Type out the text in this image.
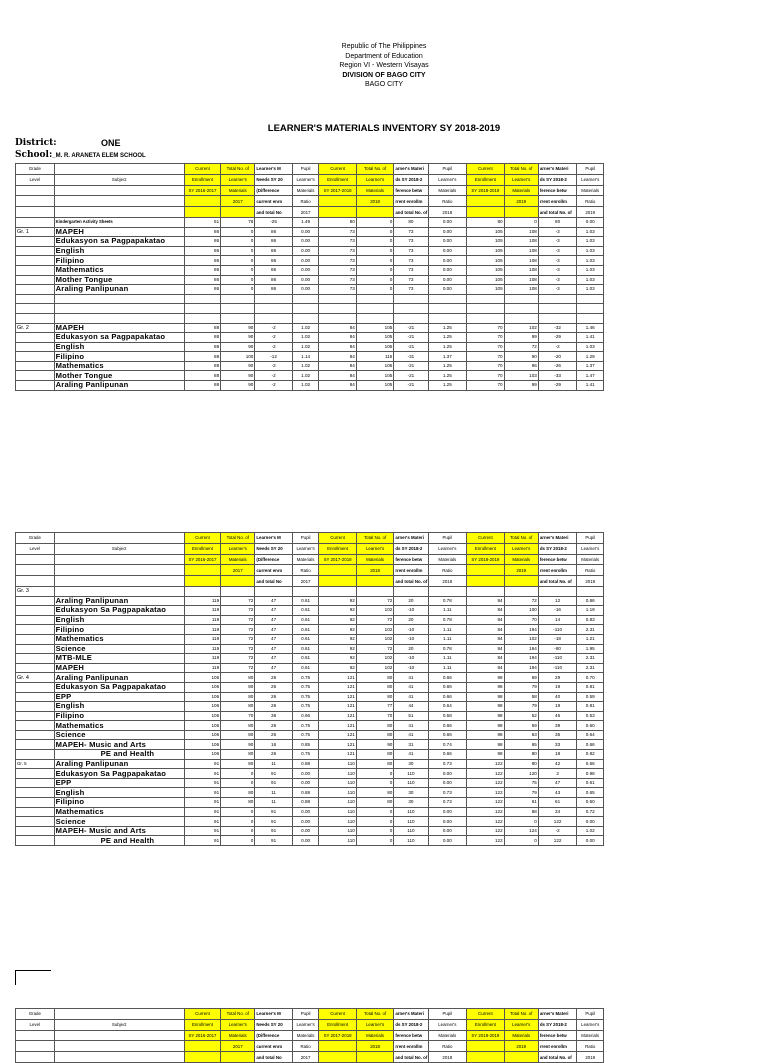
Republic of The Philippines
Department of Education
Region VI - Western Visayas
DIVISION OF BAGO CITY
BAGO CITY
LEARNER'S MATERIALS INVENTORY SY 2018-2019
District:	ONE
School:_M. R. ARANETA ELEM SCHOOL
Grade		Current	Total No. of	Learner's M	Pupil	Current	Total No. of	arner's Materi	Pupil	Current	Total No. of	arner's Materi	Pupil
Level	Subject	Enrollment	Learner's	Needs SY 20	Learner's	Enrollment	Learner's	ds SY 2018-2	Learner's	Enrollment	Learner's	ds SY 2018-2	Learner's
		SY 2016-2017	Materials	(Difference	Materials	SY 2017-2018	Materials	ference betw	Materials	SY 2018-2019	Materials	ference betw	Materials
			2017	current enro	Ratio		2018	rrent enrollm	Ratio		2019	rrent enrollm	Ratio
				and total No	2017			and total No. of	2018			and total No. of	2019
	Kindergarten Activity Sheets	51	76	-25	1.49	80	0	80	0.00	80	0	80	0.00
Gr. 1	MAPEH	86	0	86	0.00	73	0	73	0.00	105	108	-3	1.03
	Edukasyon sa Pagpapakatao	86	0	86	0.00	73	0	73	0.00	105	108	-3	1.03
	English	86	0	86	0.00	73	0	73	0.00	105	108	-3	1.03
	Filipino	86	0	86	0.00	73	0	73	0.00	105	108	-3	1.03
	Mathematics	86	0	86	0.00	73	0	73	0.00	105	108	-3	1.03
	Mother Tongue	86	0	86	0.00	73	0	73	0.00	105	108	-3	1.03
	Araling Panlipunan	86	0	86	0.00	73	0	73	0.00	105	108	-3	1.03

Gr. 2	MAPEH	88	90	-2	1.02	84	105	-21	1.25	70	102	-32	1.46
	Edukasyon sa Pagpapakatao	88	90	-2	1.02	84	105	-21	1.25	70	99	-29	1.41
	English	88	90	-2	1.02	84	105	-21	1.25	70	72	-2	1.03
	Filipino	88	100	-12	1.14	84	115	-31	1.37	70	90	-20	1.29
	Mathematics	88	90	-2	1.02	84	105	-21	1.25	70	96	-26	1.37
	Mother Tongue	88	90	-2	1.02	84	105	-21	1.25	70	103	-33	1.47
	Araling Panlipunan	88	90	-2	1.02	84	105	-21	1.25	70	99	-29	1.41
Grade		Current	Total No. of	Learner's M	Pupil	Current	Total No. of	arner's Materi	Pupil	Current	Total No. of	arner's Materi	Pupil
Level	Subject	Enrollment	Learner's	Needs SY 20	Learner's	Enrollment	Learner's	ds SY 2018-2	Learner's	Enrollment	Learner's	ds SY 2018-2	Learner's
		SY 2016-2017	Materials	(Difference	Materials	SY 2017-2018	Materials	ference betw	Materials	SY 2018-2019	Materials	ference betw	Materials
			2017	current enro	Ratio		2018	rrent enrollm	Ratio		2019	rrent enrollm	Ratio
				and total No	2017			and total No. of	2018			and total No. of	2019
Gr. 3													
	Araling Panlipunan	119	72	47	0.61	92	72	20	0.78	84	72	12	0.86
	Edukasyon Sa Pagpapakatao	119	72	47	0.61	92	102	-10	1.11	84	100	-16	1.19
	English	119	72	47	0.61	92	72	20	0.78	84	70	14	0.83
	Filipino	119	72	47	0.61	92	102	-10	1.11	84	194	-110	2.31
	Mathematics	119	72	47	0.61	92	102	-10	1.11	84	102	-18	1.21
	Science	119	72	47	0.61	92	72	20	0.78	84	164	-80	1.95
	MTB-MLE	119	72	47	0.61	92	102	-10	1.11	84	194	-110	2.31
	MAPEH	119	72	47	0.61	92	102	-10	1.11	84	194	-110	2.31
Gr. 4	Araling Panlipunan	106	80	26	0.75	121	80	41	0.66	98	69	29	0.70
	Edukasyon Sa Pagpapakatao	106	80	26	0.75	121	80	41	0.66	98	79	19	0.81
	EPP	106	80	26	0.75	121	80	41	0.66	98	58	40	0.59
	English	106	80	26	0.75	121	77	44	0.64	98	79	19	0.81
	Filipino	106	70	36	0.66	121	70	51	0.58	98	52	46	0.53
	Mathematics	106	80	26	0.75	121	80	41	0.66	98	59	39	0.60
	Science	106	80	26	0.75	121	80	41	0.66	98	63	35	0.64
	MAPEH- Music and Arts	106	90	16	0.85	121	90	31	0.74	98	65	33	0.66
	PE and Health	106	80	26	0.75	121	80	41	0.66	98	80	18	0.82
Gr. 5	Araling Panlipunan	91	80	11	0.88	110	80	30	0.73	122	80	42	0.66
	Edukasyon Sa Pagpapakatao	91	0	91	0.00	110	0	110	0.00	122	120	2	0.98
	EPP	91	0	91	0.00	110	0	110	0.00	122	75	47	0.61
	English	91	80	11	0.88	110	80	30	0.73	122	79	43	0.65
	Filipino	91	80	11	0.88	110	80	30	0.73	122	61	61	0.50
	Mathematics	91	0	91	0.00	110	0	110	0.00	122	88	34	0.72
	Science	91	0	91	0.00	110	0	110	0.00	122	0	122	0.00
	MAPEH- Music and Arts	91	0	91	0.00	110	0	110	0.00	122	124	-2	1.02
	PE and Health	91	0	91	0.00	110	0	110	0.00	122	0	122	0.00
Grade		Current	Total No. of	Learner's M	Pupil	Current	Total No. of	arner's Materi	Pupil	Current	Total No. of	arner's Materi	Pupil
Level	Subject	Enrollment	Learner's	Needs SY 20	Learner's	Enrollment	Learner's	ds SY 2018-2	Learner's	Enrollment	Learner's	ds SY 2018-2	Learner's
		SY 2016-2017	Materials	(Difference	Materials	SY 2017-2018	Materials	ference betw	Materials	SY 2018-2019	Materials	ference betw	Materials
			2017	current enro	Ratio		2018	rrent enrollm	Ratio		2019	rrent enrollm	Ratio
				and total No	2017			and total No. of	2018			and total No. of	2019
